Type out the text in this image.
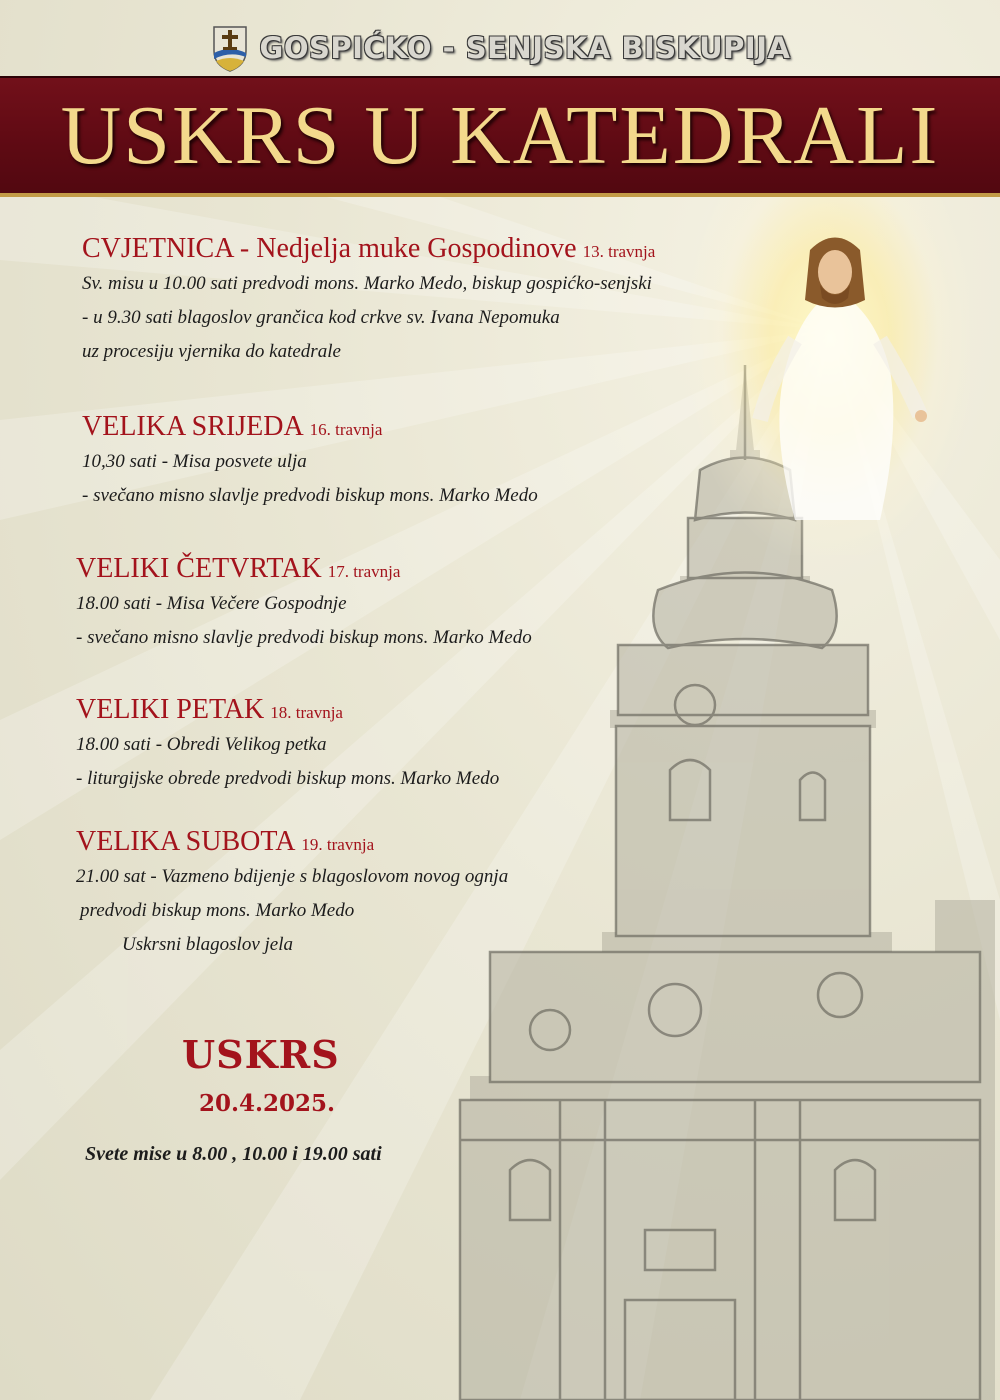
GOSPIĆKO - SENJSKA BISKUPIJA
USKRS U KATEDRALI
CVJETNICA - Nedjelja muke Gospodinove 13. travnja
Sv. misu u 10.00 sati predvodi mons. Marko Medo, biskup gospićko-senjski
- u 9.30 sati blagoslov grančica kod crkve sv. Ivana Nepomuka
uz procesiju vjernika do katedrale
VELIKA SRIJEDA 16. travnja
10,30 sati - Misa posvete ulja
- svečano misno slavlje predvodi biskup mons. Marko Medo
VELIKI ČETVRTAK 17. travnja
18.00 sati - Misa Večere Gospodnje
- svečano misno slavlje predvodi biskup mons. Marko Medo
VELIKI PETAK 18. travnja
18.00 sati - Obredi Velikog petka
- liturgijske obrede predvodi biskup mons. Marko Medo
VELIKA SUBOTA 19. travnja
21.00 sat - Vazmeno bdijenje s blagoslovom novog ognja
predvodi biskup mons. Marko Medo
Uskrsni blagoslov jela
USKRS
20.4.2025.
Svete mise u 8.00 , 10.00 i 19.00 sati
